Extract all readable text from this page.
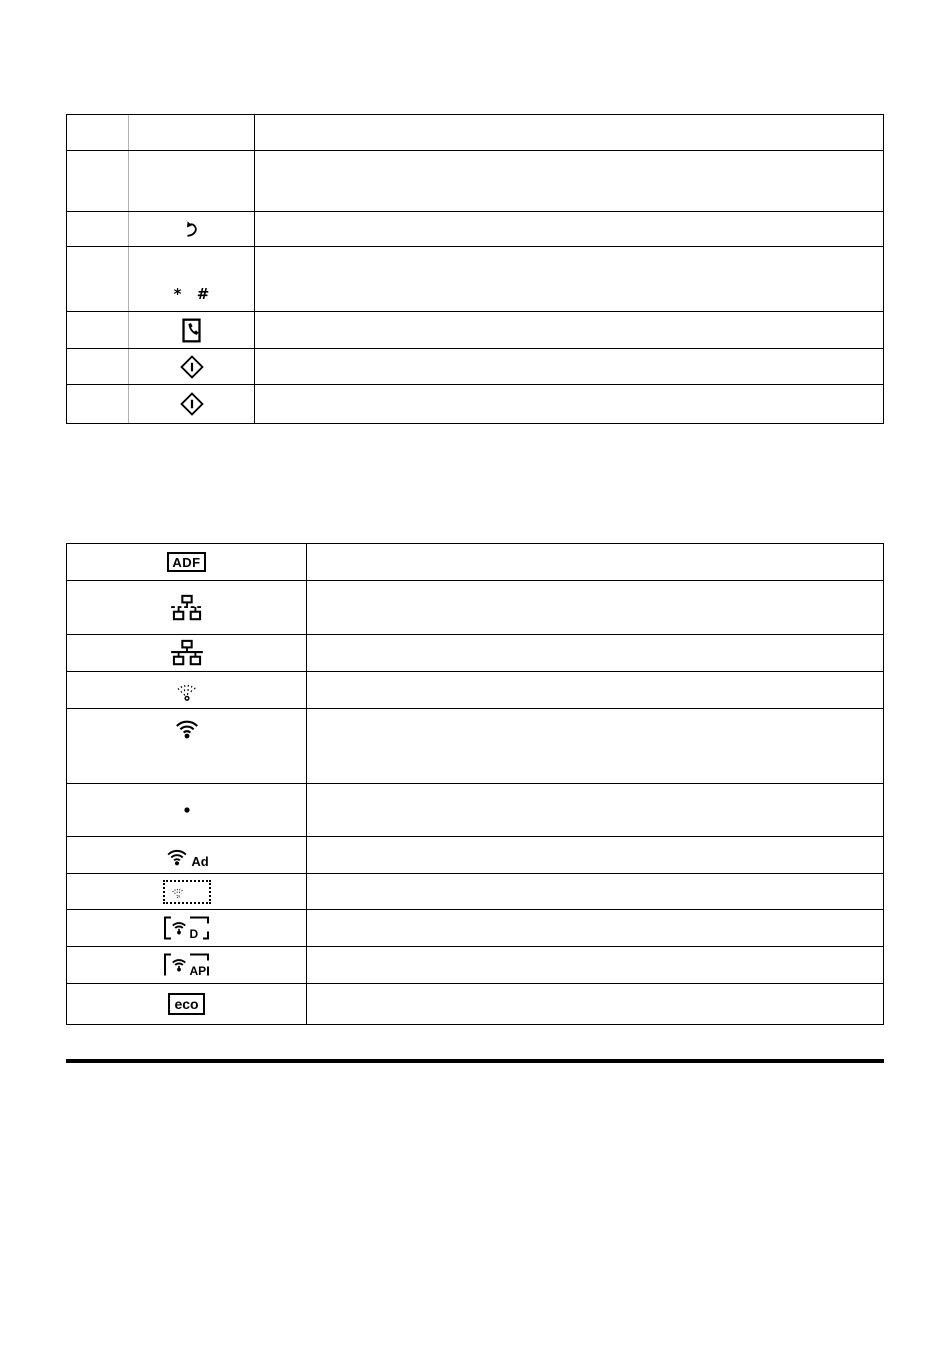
* #
ADF
Ad
D
AP
eco
